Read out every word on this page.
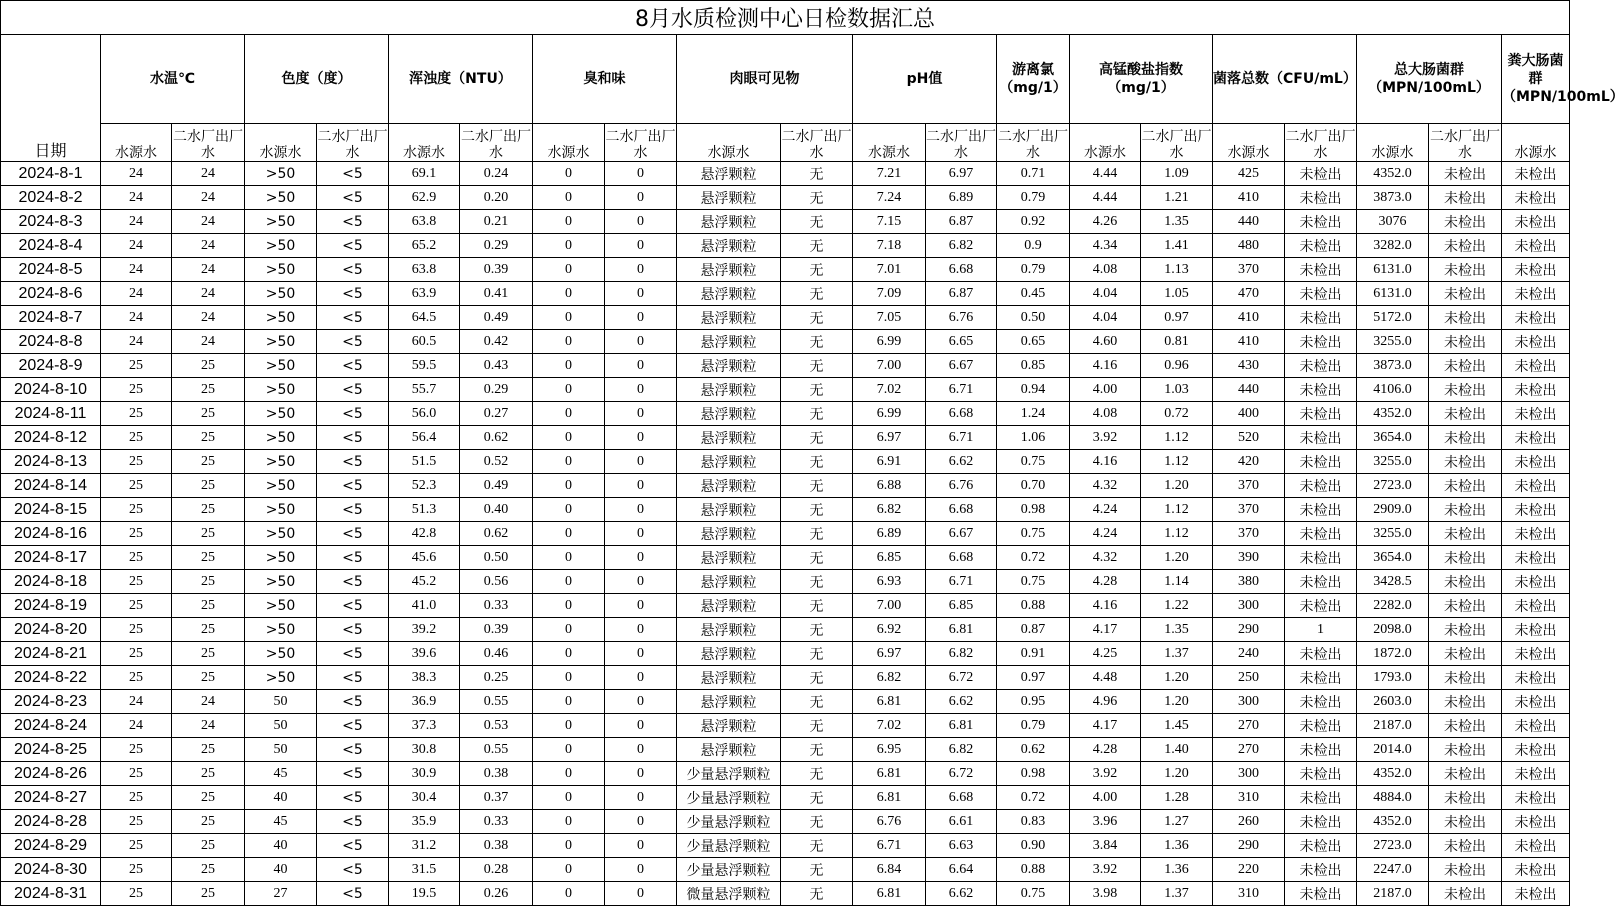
8月水质检测中心日检数据汇总																				
日期	水温℃		色度（度）		浑浊度（NTU）		臭和味		肉眼可见物		pH值		游离氯（mg/1）	高锰酸盐指数（mg/1）		菌落总数（CFU/mL）		总大肠菌群（MPN/100mL）		粪大肠菌群（MPN/100mL）
	水源水	二水厂出厂水	水源水	二水厂出厂水	水源水	二水厂出厂水	水源水	二水厂出厂水	水源水	二水厂出厂水	水源水	二水厂出厂水	二水厂出厂水	水源水	二水厂出厂水	水源水	二水厂出厂水	水源水	二水厂出厂水	水源水
2024-8-1	24	24	>50	<5	69.1	0.24	0	0	悬浮颗粒	无	7.21	6.97	0.71	4.44	1.09	425	未检出	4352.0	未检出	未检出
2024-8-2	24	24	>50	<5	62.9	0.20	0	0	悬浮颗粒	无	7.24	6.89	0.79	4.44	1.21	410	未检出	3873.0	未检出	未检出
2024-8-3	24	24	>50	<5	63.8	0.21	0	0	悬浮颗粒	无	7.15	6.87	0.92	4.26	1.35	440	未检出	3076	未检出	未检出
2024-8-4	24	24	>50	<5	65.2	0.29	0	0	悬浮颗粒	无	7.18	6.82	0.9	4.34	1.41	480	未检出	3282.0	未检出	未检出
2024-8-5	24	24	>50	<5	63.8	0.39	0	0	悬浮颗粒	无	7.01	6.68	0.79	4.08	1.13	370	未检出	6131.0	未检出	未检出
2024-8-6	24	24	>50	<5	63.9	0.41	0	0	悬浮颗粒	无	7.09	6.87	0.45	4.04	1.05	470	未检出	6131.0	未检出	未检出
2024-8-7	24	24	>50	<5	64.5	0.49	0	0	悬浮颗粒	无	7.05	6.76	0.50	4.04	0.97	410	未检出	5172.0	未检出	未检出
2024-8-8	24	24	>50	<5	60.5	0.42	0	0	悬浮颗粒	无	6.99	6.65	0.65	4.60	0.81	410	未检出	3255.0	未检出	未检出
2024-8-9	25	25	>50	<5	59.5	0.43	0	0	悬浮颗粒	无	7.00	6.67	0.85	4.16	0.96	430	未检出	3873.0	未检出	未检出
2024-8-10	25	25	>50	<5	55.7	0.29	0	0	悬浮颗粒	无	7.02	6.71	0.94	4.00	1.03	440	未检出	4106.0	未检出	未检出
2024-8-11	25	25	>50	<5	56.0	0.27	0	0	悬浮颗粒	无	6.99	6.68	1.24	4.08	0.72	400	未检出	4352.0	未检出	未检出
2024-8-12	25	25	>50	<5	56.4	0.62	0	0	悬浮颗粒	无	6.97	6.71	1.06	3.92	1.12	520	未检出	3654.0	未检出	未检出
2024-8-13	25	25	>50	<5	51.5	0.52	0	0	悬浮颗粒	无	6.91	6.62	0.75	4.16	1.12	420	未检出	3255.0	未检出	未检出
2024-8-14	25	25	>50	<5	52.3	0.49	0	0	悬浮颗粒	无	6.88	6.76	0.70	4.32	1.20	370	未检出	2723.0	未检出	未检出
2024-8-15	25	25	>50	<5	51.3	0.40	0	0	悬浮颗粒	无	6.82	6.68	0.98	4.24	1.12	370	未检出	2909.0	未检出	未检出
2024-8-16	25	25	>50	<5	42.8	0.62	0	0	悬浮颗粒	无	6.89	6.67	0.75	4.24	1.12	370	未检出	3255.0	未检出	未检出
2024-8-17	25	25	>50	<5	45.6	0.50	0	0	悬浮颗粒	无	6.85	6.68	0.72	4.32	1.20	390	未检出	3654.0	未检出	未检出
2024-8-18	25	25	>50	<5	45.2	0.56	0	0	悬浮颗粒	无	6.93	6.71	0.75	4.28	1.14	380	未检出	3428.5	未检出	未检出
2024-8-19	25	25	>50	<5	41.0	0.33	0	0	悬浮颗粒	无	7.00	6.85	0.88	4.16	1.22	300	未检出	2282.0	未检出	未检出
2024-8-20	25	25	>50	<5	39.2	0.39	0	0	悬浮颗粒	无	6.92	6.81	0.87	4.17	1.35	290	1	2098.0	未检出	未检出
2024-8-21	25	25	>50	<5	39.6	0.46	0	0	悬浮颗粒	无	6.97	6.82	0.91	4.25	1.37	240	未检出	1872.0	未检出	未检出
2024-8-22	25	25	>50	<5	38.3	0.25	0	0	悬浮颗粒	无	6.82	6.72	0.97	4.48	1.20	250	未检出	1793.0	未检出	未检出
2024-8-23	24	24	50	<5	36.9	0.55	0	0	悬浮颗粒	无	6.81	6.62	0.95	4.96	1.20	300	未检出	2603.0	未检出	未检出
2024-8-24	24	24	50	<5	37.3	0.53	0	0	悬浮颗粒	无	7.02	6.81	0.79	4.17	1.45	270	未检出	2187.0	未检出	未检出
2024-8-25	25	25	50	<5	30.8	0.55	0	0	悬浮颗粒	无	6.95	6.82	0.62	4.28	1.40	270	未检出	2014.0	未检出	未检出
2024-8-26	25	25	45	<5	30.9	0.38	0	0	少量悬浮颗粒	无	6.81	6.72	0.98	3.92	1.20	300	未检出	4352.0	未检出	未检出
2024-8-27	25	25	40	<5	30.4	0.37	0	0	少量悬浮颗粒	无	6.81	6.68	0.72	4.00	1.28	310	未检出	4884.0	未检出	未检出
2024-8-28	25	25	45	<5	35.9	0.33	0	0	少量悬浮颗粒	无	6.76	6.61	0.83	3.96	1.27	260	未检出	4352.0	未检出	未检出
2024-8-29	25	25	40	<5	31.2	0.38	0	0	少量悬浮颗粒	无	6.71	6.63	0.90	3.84	1.36	290	未检出	2723.0	未检出	未检出
2024-8-30	25	25	40	<5	31.5	0.28	0	0	少量悬浮颗粒	无	6.84	6.64	0.88	3.92	1.36	220	未检出	2247.0	未检出	未检出
2024-8-31	25	25	27	<5	19.5	0.26	0	0	微量悬浮颗粒	无	6.81	6.62	0.75	3.98	1.37	310	未检出	2187.0	未检出	未检出
